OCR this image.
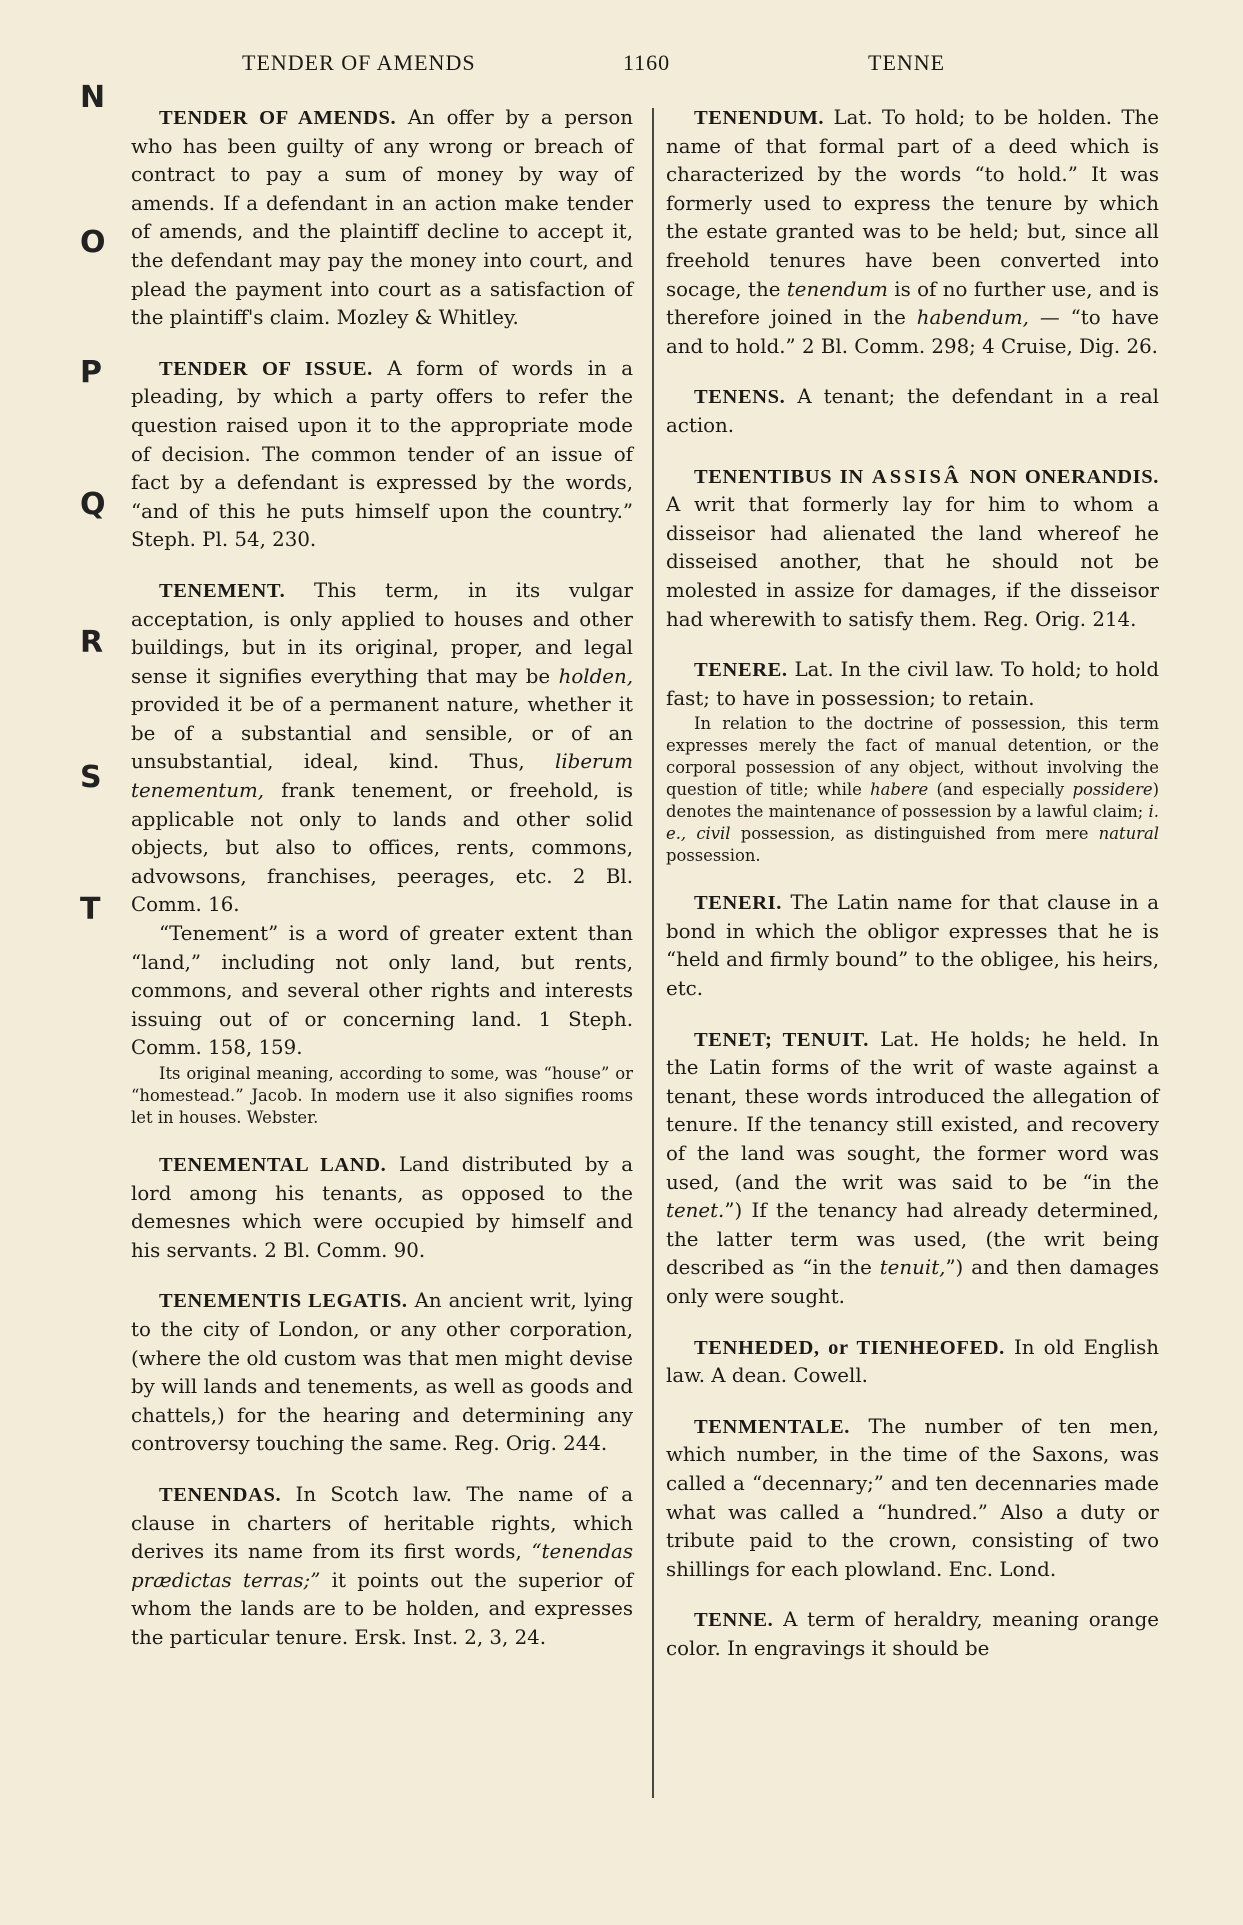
TENDER OF AMENDS	1160	TENNE
N
O
P
Q
R
S
T

TENDER OF AMENDS. An offer by a person who has been guilty of any wrong or breach of contract to pay a sum of money by way of amends. If a defendant in an action make tender of amends, and the plaintiff decline to accept it, the defendant may pay the money into court, and plead the payment into court as a satisfaction of the plaintiff's claim. Mozley & Whitley.

TENDER OF ISSUE. A form of words in a pleading, by which a party offers to refer the question raised upon it to the appropriate mode of decision. The common tender of an issue of fact by a defendant is expressed by the words, “and of this he puts himself upon the country.” Steph. Pl. 54, 230.

TENEMENT. This term, in its vulgar acceptation, is only applied to houses and other buildings, but in its original, proper, and legal sense it signifies everything that may be holden, provided it be of a permanent nature, whether it be of a substantial and sensible, or of an unsubstantial, ideal, kind. Thus, liberum tenementum, frank tenement, or freehold, is applicable not only to lands and other solid objects, but also to offices, rents, commons, advowsons, franchises, peerages, etc. 2 Bl. Comm. 16.

“Tenement” is a word of greater extent than “land,” including not only land, but rents, commons, and several other rights and interests issuing out of or concerning land. 1 Steph. Comm. 158, 159.

Its original meaning, according to some, was “house” or “homestead.” Jacob. In modern use it also signifies rooms let in houses. Webster.

TENEMENTAL LAND. Land distributed by a lord among his tenants, as opposed to the demesnes which were occupied by himself and his servants. 2 Bl. Comm. 90.

TENEMENTIS LEGATIS. An ancient writ, lying to the city of London, or any other corporation, (where the old custom was that men might devise by will lands and tenements, as well as goods and chattels,) for the hearing and determining any controversy touching the same. Reg. Orig. 244.

TENENDAS. In Scotch law. The name of a clause in charters of heritable rights, which derives its name from its first words, “tenendas prædictas terras;” it points out the superior of whom the lands are to be holden, and expresses the particular tenure. Ersk. Inst. 2, 3, 24.

TENENDUM. Lat. To hold; to be holden. The name of that formal part of a deed which is characterized by the words “to hold.” It was formerly used to express the tenure by which the estate granted was to be held; but, since all freehold tenures have been converted into socage, the tenendum is of no further use, and is therefore joined in the habendum, — “to have and to hold.” 2 Bl. Comm. 298; 4 Cruise, Dig. 26.

TENENS. A tenant; the defendant in a real action.

TENENTIBUS IN ASSISÂ NON ONERANDIS. A writ that formerly lay for him to whom a disseisor had alienated the land whereof he disseised another, that he should not be molested in assize for damages, if the disseisor had wherewith to satisfy them. Reg. Orig. 214.

TENERE. Lat. In the civil law. To hold; to hold fast; to have in possession; to retain.

In relation to the doctrine of possession, this term expresses merely the fact of manual detention, or the corporal possession of any object, without involving the question of title; while habere (and especially possidere) denotes the maintenance of possession by a lawful claim; i. e., civil possession, as distinguished from mere natural possession.

TENERI. The Latin name for that clause in a bond in which the obligor expresses that he is “held and firmly bound” to the obligee, his heirs, etc.

TENET; TENUIT. Lat. He holds; he held. In the Latin forms of the writ of waste against a tenant, these words introduced the allegation of tenure. If the tenancy still existed, and recovery of the land was sought, the former word was used, (and the writ was said to be “in the tenet.”) If the tenancy had already determined, the latter term was used, (the writ being described as “in the tenuit,”) and then damages only were sought.

TENHEDED, or TIENHEOFED. In old English law. A dean. Cowell.

TENMENTALE. The number of ten men, which number, in the time of the Saxons, was called a “decennary;” and ten decennaries made what was called a “hundred.” Also a duty or tribute paid to the crown, consisting of two shillings for each plowland. Enc. Lond.

TENNE. A term of heraldry, meaning orange color. In engravings it should be
